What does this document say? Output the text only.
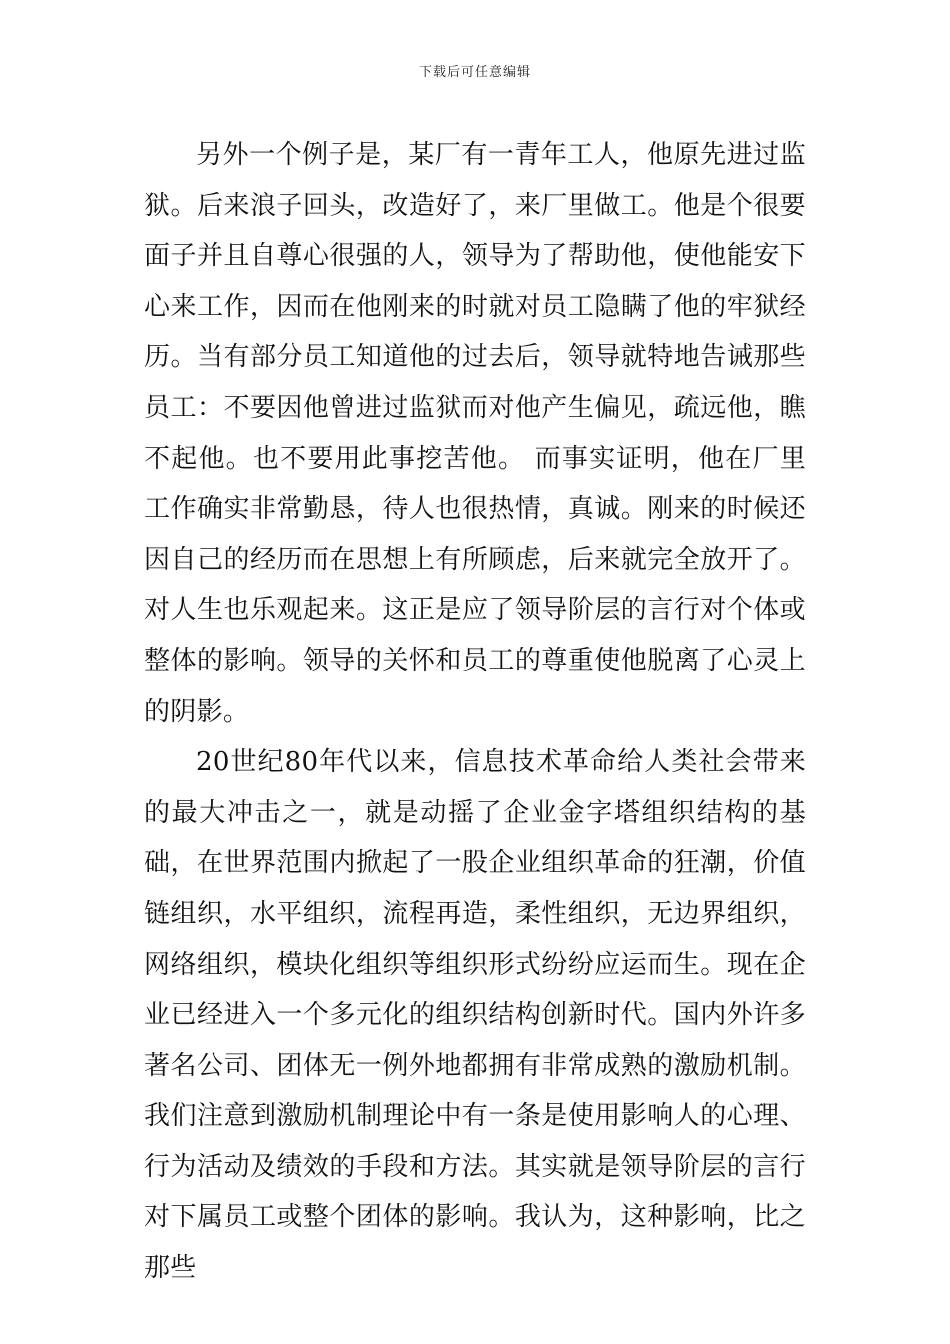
下载后可任意编辑

另外一个例子是，某厂有一青年工人，他原先进过监狱。后来浪子回头，改造好了，来厂里做工。他是个很要面子并且自尊心很强的人，领导为了帮助他，使他能安下心来工作，因而在他刚来的时就对员工隐瞒了他的牢狱经历。当有部分员工知道他的过去后，领导就特地告诫那些员工：不要因他曾进过监狱而对他产生偏见，疏远他，瞧不起他。也不要用此事挖苦他。 而事实证明，他在厂里工作确实非常勤恳，待人也很热情，真诚。刚来的时候还因自己的经历而在思想上有所顾虑，后来就完全放开了。对人生也乐观起来。这正是应了领导阶层的言行对个体或整体的影响。领导的关怀和员工的尊重使他脱离了心灵上的阴影。

20世纪80年代以来，信息技术革命给人类社会带来的最大冲击之一，就是动摇了企业金字塔组织结构的基础，在世界范围内掀起了一股企业组织革命的狂潮，价值链组织，水平组织，流程再造，柔性组织，无边界组织，网络组织，模块化组织等组织形式纷纷应运而生。现在企业已经进入一个多元化的组织结构创新时代。国内外许多著名公司、团体无一例外地都拥有非常成熟的激励机制。我们注意到激励机制理论中有一条是使用影响人的心理、行为活动及绩效的手段和方法。其实就是领导阶层的言行对下属员工或整个团体的影响。我认为，这种影响，比之那些
